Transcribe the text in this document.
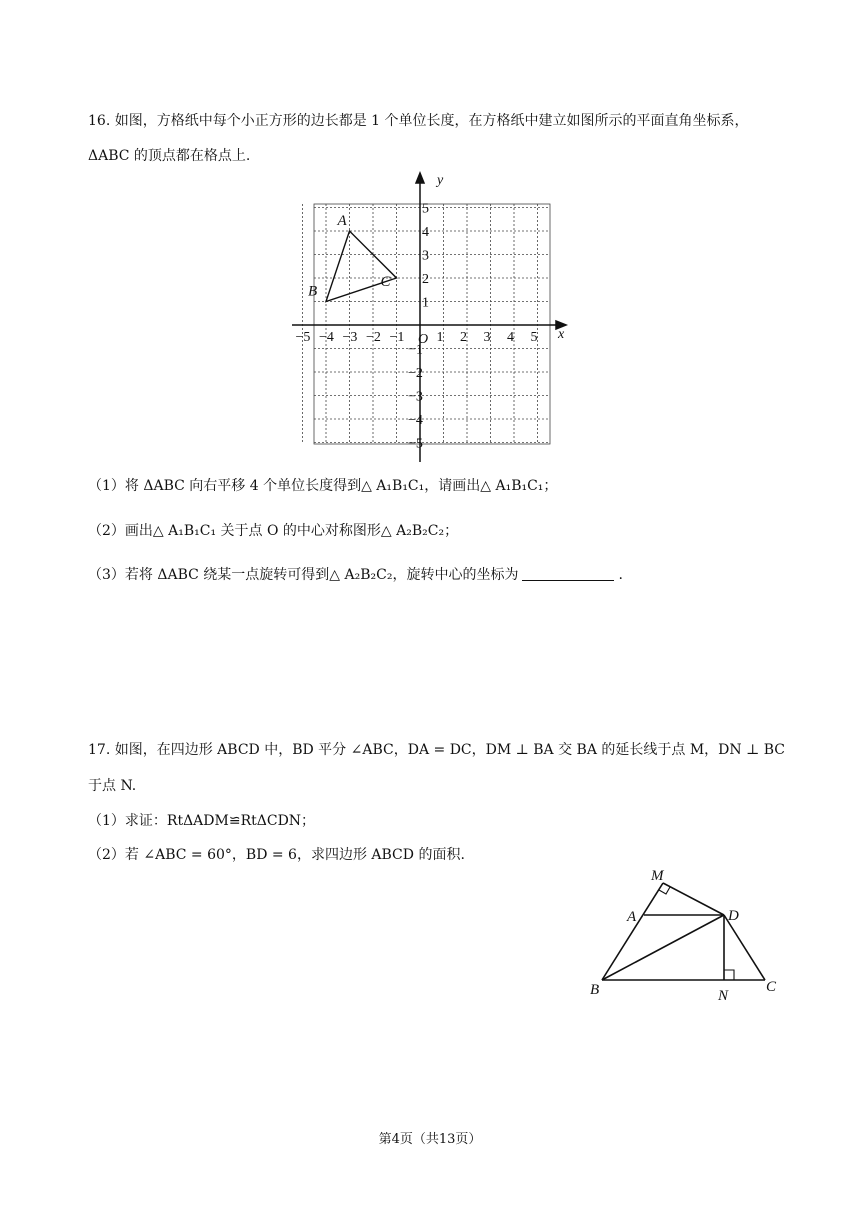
16. 如图，方格纸中每个小正方形的边长都是 1 个单位长度，在方格纸中建立如图所示的平面直角坐标系，
ΔABC 的顶点都在格点上.
−5 −4 −3 −2 −1 1 2 3 4 5
5
4
3
2
1
−1
−2
−3
−4
−5
x
y
O
A
B
C
（1）将 ΔABC 向右平移 4 个单位长度得到△ A₁B₁C₁，请画出△ A₁B₁C₁；
（2）画出△ A₁B₁C₁ 关于点 O 的中心对称图形△ A₂B₂C₂；
（3）若将 ΔABC 绕某一点旋转可得到△ A₂B₂C₂，旋转中心的坐标为	.
17. 如图，在四边形 ABCD 中，BD 平分 ∠ABC，DA = DC，DM ⊥ BA 交 BA 的延长线于点 M，DN ⊥ BC
于点 N.
（1）求证：RtΔADM≌RtΔCDN；
（2）若 ∠ABC = 60°，BD = 6，求四边形 ABCD 的面积.
M
A	D
B	N
C
第4页（共13页）
